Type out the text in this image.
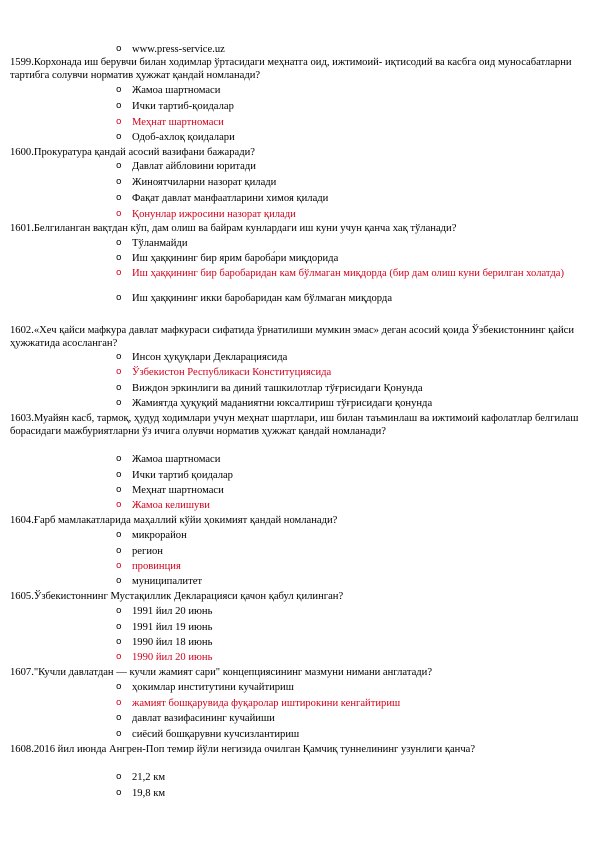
o www.press-service.uz
1599.Корхонада иш берувчи билан ходимлар ўртасидаги меҳнатга оид, ижтимоий- иқтисодий ва касбга оид муносабатларни тартибга солувчи норматив ҳужжат қандай номланади?
o Жамоа шартномаси
o Ички тартиб-қоидалар
o Меҳнат шартномаси
o Одоб-ахлоқ қоидалари
1600.Прокуратура қандай асосий вазифани бажаради?
o Давлат айбловини юритади
o Жиноятчиларни назорат қилади
o Фақат давлат манфаатларини химоя қилади
o Қонунлар ижросини назорат қилади
1601.Белгиланган вақтдан кўп, дам олиш ва байрам кунлардаги иш куни учун қанча хақ тўланади?
o Тўланмайди
o Иш ҳаққининг бир ярим бароба́ри миқдорида
o Иш ҳаққининг бир баробаридан кам бўлмаган миқдорда (бир дам олиш куни берилган холатда)
o Иш ҳаққининг икки баробаридан кам бўлмаган миқдорда
1602.«Хеч қайси мафкура давлат мафкураси сифатида ўрнатилиши мумкин эмас» деган асосий қоида Ўзбекистоннинг қайси ҳужжатида асосланган?
o Инсон ҳуқуқлари Декларациясида
o Ўзбекистон Республикаси Конституциясида
o Виждон эркинлиги ва диний ташкилотлар тўғрисидаги Қонунда
o Жамиятда ҳуқуқий маданиятни юксалтириш тўғрисидаги қонунда
1603.Муайян касб, тармоқ, ҳудуд ходимлари учун меҳнат шартлари, иш билан таъминлаш ва ижтимоий кафолатлар белгилаш борасидаги мажбуриятларни ўз ичига олувчи норматив ҳужжат қандай номланади?
o Жамоа шартномаси
o Ички тартиб қоидалар
o Меҳнат шартномаси
o Жамоа келишуви
1604.Ғарб мамлакатларида маҳаллий кўйи ҳокимият қандай номланади?
o микрорайон
o регион
o провинция
o муниципалитет
1605.Ўзбекистоннинг Мустақиллик Декларацияси қачон қабул қилинган?
o 1991 йил 20 июнь
o 1991 йил 19 июнь
o 1990 йил 18 июнь
o 1990 йил 20 июнь
1607."Кучли давлатдан — кучли жамият сари" концепциясининг мазмуни нимани англатади?
o ҳокимлар институтини кучайтириш
o жамият бошқарувида фуқаролар иштирокини кенгайтириш
o давлат вазифасининг кучайиши
o сиёсий бошқарувни кучсизлантириш
1608.2016 йил июнда Ангрен-Поп темир йўли негизида очилган Қамчиқ туннелининг узунлиги қанча?
o 21,2 км
o 19,8 км
